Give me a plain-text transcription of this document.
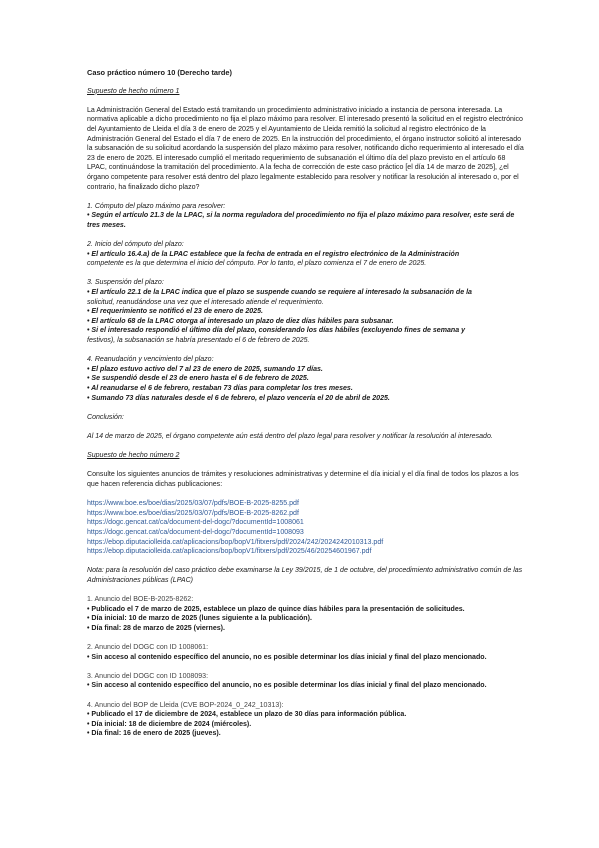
Caso práctico número 10 (Derecho tarde)

Supuesto de hecho número 1

La Administración General del Estado está tramitando un procedimiento administrativo iniciado a instancia de persona interesada. La normativa aplicable a dicho procedimiento no fija el plazo máximo para resolver. El interesado presentó la solicitud en el registro electrónico del Ayuntamiento de Lleida el día 3 de enero de 2025 y el Ayuntamiento de Lleida remitió la solicitud al registro electrónico de la Administración General del Estado el día 7 de enero de 2025. En la instrucción del procedimiento, el órgano instructor solicitó al interesado la subsanación de su solicitud acordando la suspensión del plazo máximo para resolver, notificando dicho requerimiento al interesado el día 23 de enero de 2025. El interesado cumplió el meritado requerimiento de subsanación el último día del plazo previsto en el artículo 68 LPAC, continuándose la tramitación del procedimiento. A la fecha de corrección de este caso práctico [el día 14 de marzo de 2025], ¿el órgano competente para resolver está dentro del plazo legalmente establecido para resolver y notificar la resolución al interesado o, por el contrario, ha finalizado dicho plazo?

1. Cómputo del plazo máximo para resolver:

• Según el artículo 21.3 de la LPAC, si la norma reguladora del procedimiento no fija el plazo máximo para resolver, este será de tres meses.

2. Inicio del cómputo del plazo:

• El artículo 16.4.a) de la LPAC establece que la fecha de entrada en el registro electrónico de la Administración

competente es la que determina el inicio del cómputo. Por lo tanto, el plazo comienza el 7 de enero de 2025.

3. Suspensión del plazo:

• El artículo 22.1 de la LPAC indica que el plazo se suspende cuando se requiere al interesado la subsanación de la

solicitud, reanudándose una vez que el interesado atiende el requerimiento.

• El requerimiento se notificó el 23 de enero de 2025.

• El artículo 68 de la LPAC otorga al interesado un plazo de diez días hábiles para subsanar.

• Si el interesado respondió el último día del plazo, considerando los días hábiles (excluyendo fines de semana y

festivos), la subsanación se habría presentado el 6 de febrero de 2025.

4. Reanudación y vencimiento del plazo:

• El plazo estuvo activo del 7 al 23 de enero de 2025, sumando 17 días.

• Se suspendió desde el 23 de enero hasta el 6 de febrero de 2025.

• Al reanudarse el 6 de febrero, restaban 73 días para completar los tres meses.

• Sumando 73 días naturales desde el 6 de febrero, el plazo vencería el 20 de abril de 2025.

Conclusión:

Al 14 de marzo de 2025, el órgano competente aún está dentro del plazo legal para resolver y notificar la resolución al interesado.

Supuesto de hecho número 2

Consulte los siguientes anuncios de trámites y resoluciones administrativas y determine el día inicial y el día final de todos los plazos a los que hacen referencia dichas publicaciones:

https://www.boe.es/boe/dias/2025/03/07/pdfs/BOE-B-2025-8255.pdf
https://www.boe.es/boe/dias/2025/03/07/pdfs/BOE-B-2025-8262.pdf
https://dogc.gencat.cat/ca/document-del-dogc/?documentId=1008061
https://dogc.gencat.cat/ca/document-del-dogc/?documentId=1008093
https://ebop.diputaciolleida.cat/aplicacions/bop/bopV1/fitxers/pdf/2024/242/2024242010313.pdf
https://ebop.diputaciolleida.cat/aplicacions/bop/bopV1/fitxers/pdf/2025/46/20254601967.pdf

Nota: para la resolución del caso práctico debe examinarse la Ley 39/2015, de 1 de octubre, del procedimiento administrativo común de las Administraciones públicas (LPAC)

1. Anuncio del BOE-B-2025-8262:

• Publicado el 7 de marzo de 2025, establece un plazo de quince días hábiles para la presentación de solicitudes.

• Día inicial: 10 de marzo de 2025 (lunes siguiente a la publicación).

• Día final: 28 de marzo de 2025 (viernes).

2. Anuncio del DOGC con ID 1008061:

• Sin acceso al contenido específico del anuncio, no es posible determinar los días inicial y final del plazo mencionado.

3. Anuncio del DOGC con ID 1008093:

• Sin acceso al contenido específico del anuncio, no es posible determinar los días inicial y final del plazo mencionado.

4. Anuncio del BOP de Lleida (CVE BOP-2024_0_242_10313):

• Publicado el 17 de diciembre de 2024, establece un plazo de 30 días para información pública.

• Día inicial: 18 de diciembre de 2024 (miércoles).

• Día final: 16 de enero de 2025 (jueves).
